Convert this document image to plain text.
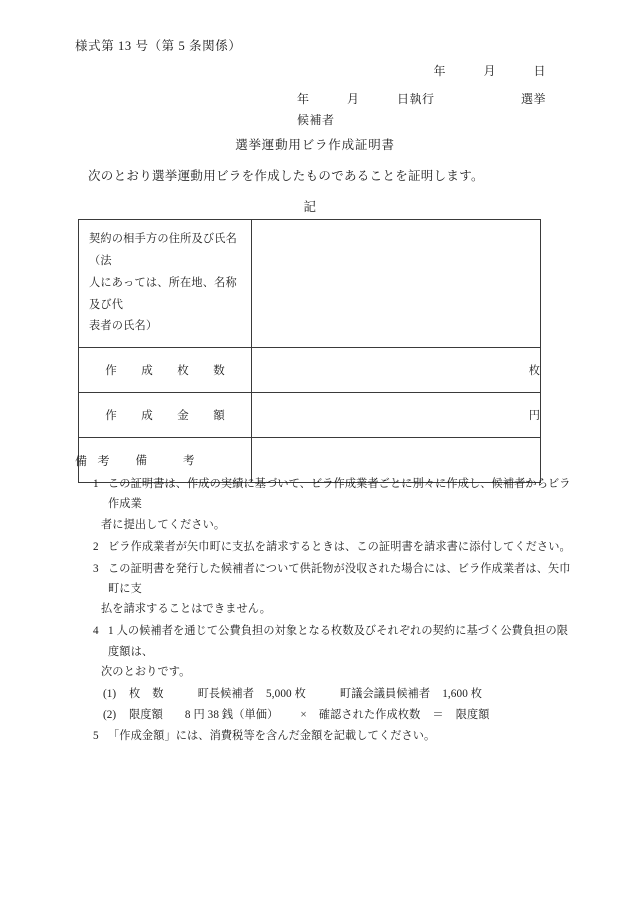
様式第 13 号（第 5 条関係）
年　　　月　　　日
年　　　月　　　日執行	選挙
候補者
選挙運動用ビラ作成証明書
次のとおり選挙運動用ビラを作成したものであることを証明します。
記
契約の相手方の住所及び氏名（法
人にあっては、所在地、名称及び代
表者の氏名）	

作 成 枚 数	枚

作 成 金 額	円

備 考	

備 考
1 この証明書は、作成の実績に基づいて、ビラ作成業者ごとに別々に作成し、候補者からビラ作成業
者に提出してください。
2 ビラ作成業者が矢巾町に支払を請求するときは、この証明書を請求書に添付してください。
3 この証明書を発行した候補者について供託物が没収された場合には、ビラ作成業者は、矢巾町に支
払を請求することはできません。
4 1 人の候補者を通じて公費負担の対象となる枚数及びそれぞれの契約に基づく公費負担の限度額は、
次のとおりです。
(1)	枚 数	町長候補者 5,000 枚	町議会議員候補者 1,600 枚
(2)	限度額 8 円 38 銭（単価） × 確認された作成枚数 ＝ 限度額
5 「作成金額」には、消費税等を含んだ金額を記載してください。
